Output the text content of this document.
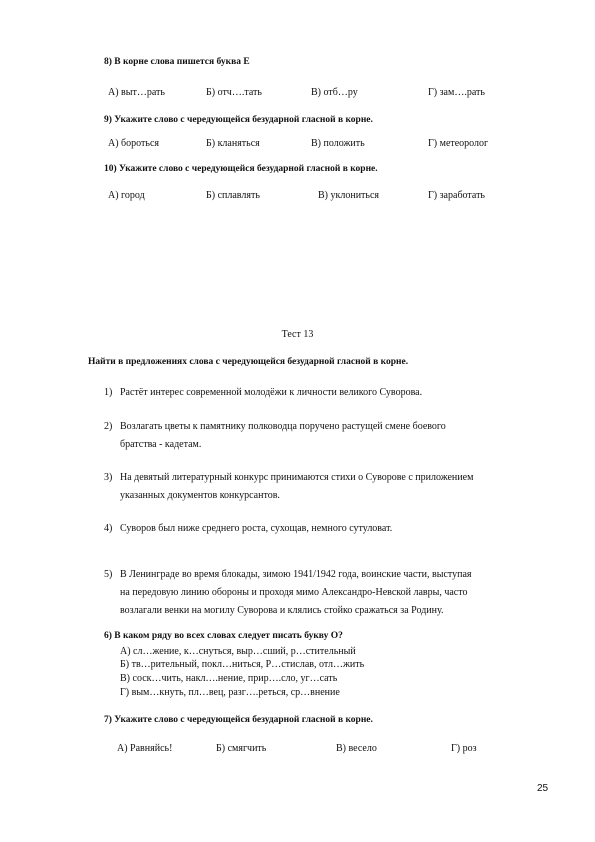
8) В корне слова пишется буква Е
А) выт…рать	Б) отч….тать	В) отб…ру	Г) зам….рать
9) Укажите слово с чередующейся безударной гласной в корне.
А) бороться	Б) кланяться	В) положить	Г) метеоролог
10) Укажите слово с чередующейся безударной гласной в корне.
А) город	Б) сплавлять	В) уклониться	Г) заработать
Тест 13
Найти в предложениях слова с чередующейся безударной гласной в корне.
1) Растёт интерес современной молодёжи к личности великого Суворова.
2) Возлагать цветы к памятнику полководца поручено растущей смене боевого
братства - кадетам.
3) На девятый литературный конкурс принимаются стихи о Суворове с приложением
указанных документов конкурсантов.
4) Суворов был ниже среднего роста, сухощав, немного сутуловат.
5) В Ленинграде во время блокады, зимою 1941/1942 года, воинские части, выступая
на передовую линию обороны и проходя мимо Александро-Невской лавры, часто
возлагали венки на могилу Суворова и клялись стойко сражаться за Родину.
6) В каком ряду во всех словах следует писать букву О?
А) сл…жение, к…снуться, выр…сший, р…стительный
Б) тв…рительный, покл…ниться, Р…стислав, отл…жить
В) соск…чить, накл….нение, прир….сло, уг…сать
Г) вым…кнуть, пл…вец, разг….реться, ср…внение
7) Укажите слово с чередующейся безударной гласной в корне.
А) Равняйсь!	Б) смягчить	В) весело	Г) роз
25
